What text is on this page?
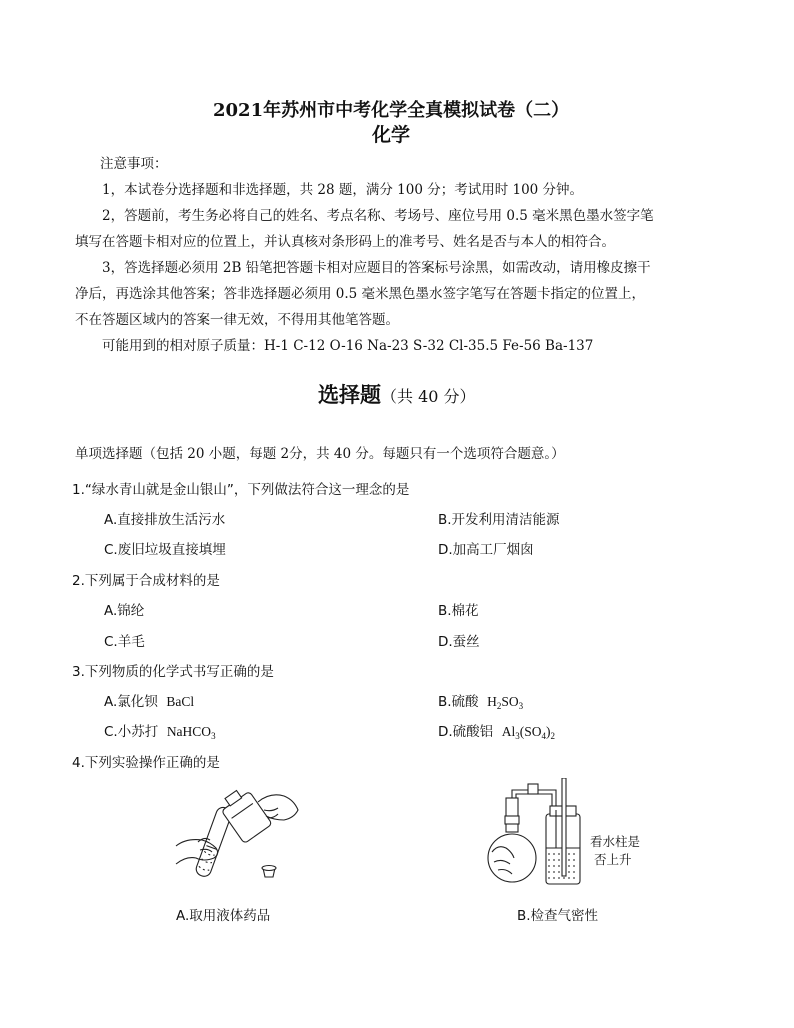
2021年苏州市中考化学全真模拟试卷（二）
化学
注意事项：
1，本试卷分选择题和非选择题，共 28 题，满分 100 分；考试用时 100 分钟。
2，答题前，考生务必将自己的姓名、考点名称、考场号、座位号用 0.5 毫米黑色墨水签字笔
填写在答题卡相对应的位置上，并认真核对条形码上的准考号、姓名是否与本人的相符合。
3，答选择题必须用 2B 铅笔把答题卡相对应题目的答案标号涂黑，如需改动，请用橡皮擦干
净后，再选涂其他答案；答非选择题必须用 0.5 毫米黑色墨水签字笔写在答题卡指定的位置上，
不在答题区域内的答案一律无效，不得用其他笔答题。
可能用到的相对原子质量：H-1 C-12 O-16 Na-23 S-32 Cl-35.5 Fe-56 Ba-137
选择题（共 40 分）
单项选择题（包括 20 小题，每题 2分，共 40 分。每题只有一个选项符合题意。）
1.“绿水青山就是金山银山”，下列做法符合这一理念的是
A.直接排放生活污水	B.开发利用清洁能源
C.废旧垃圾直接填埋	D.加高工厂烟囱
2.下列属于合成材料的是
A.锦纶	B.棉花
C.羊毛	D.蚕丝
3.下列物质的化学式书写正确的是
A.氯化钡 BaCl	B.硫酸 $H_2SO_3$
C.小苏打 NaHCO$_3$	D.硫酸铝 $Al_3(SO_4)_2$
4.下列实验操作正确的是
A.取用液体药品
看水柱是
否上升
B.检查气密性
